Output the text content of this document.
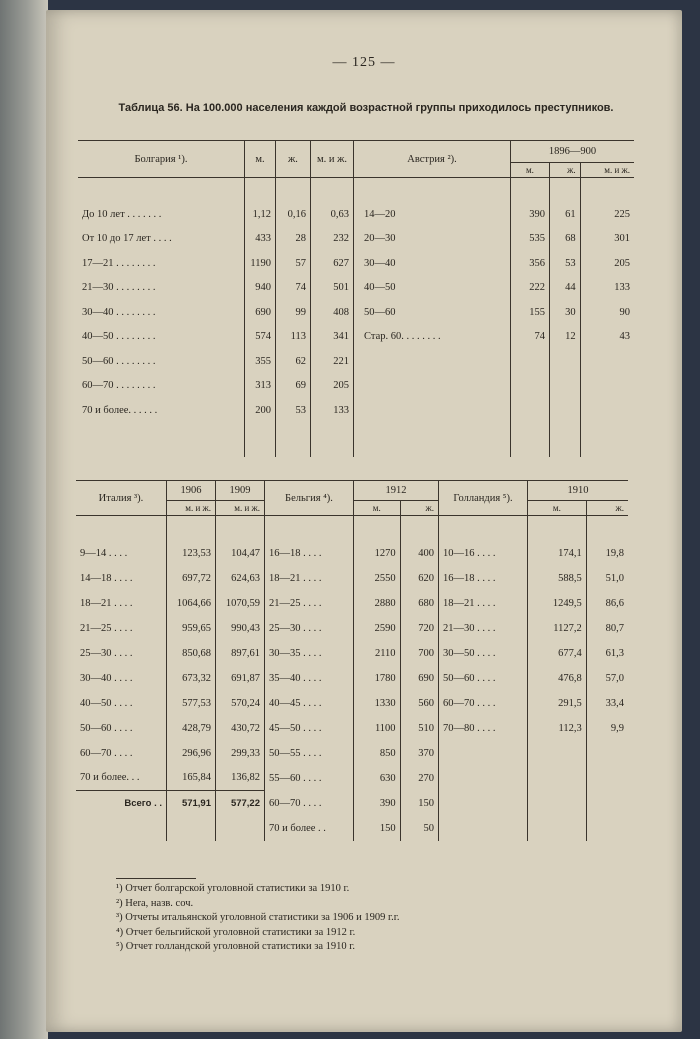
— 125 —
Таблица 56. На 100.000 населения каждой возрастной группы приходилось преступников.
Болгария ¹).	м.	ж.	м. и ж.	Австрия ²).	1896—900		
					м.	ж.	м. и ж.

До 10 лет . . . . . . .	1,12	0,16	0,63	14—20	390	61	225
От 10 до 17 лет . . . .	433	28	232	20—30	535	68	301
17—21 . . . . . . . .	1190	57	627	30—40	356	53	205
21—30 . . . . . . . .	940	74	501	40—50	222	44	133
30—40 . . . . . . . .	690	99	408	50—60	155	30	90
40—50 . . . . . . . .	574	113	341	Стар. 60. . . . . . . .	74	12	43
50—60 . . . . . . . .	355	62	221				
60—70 . . . . . . . .	313	69	205				
70 и более. . . . . .	200	53	133				

Италия ³).	1906	1909	Бельгия ⁴).	1912		Голландия ⁵).	1910	
	м. и ж.	м. и ж.		м.	ж.		м.	ж.

9—14 . . . .	123,53	104,47	16—18 . . . .	1270	400	10—16 . . . .	174,1	19,8
14—18 . . . .	697,72	624,63	18—21 . . . .	2550	620	16—18 . . . .	588,5	51,0
18—21 . . . .	1064,66	1070,59	21—25 . . . .	2880	680	18—21 . . . .	1249,5	86,6
21—25 . . . .	959,65	990,43	25—30 . . . .	2590	720	21—30 . . . .	1127,2	80,7
25—30 . . . .	850,68	897,61	30—35 . . . .	2110	700	30—50 . . . .	677,4	61,3
30—40 . . . .	673,32	691,87	35—40 . . . .	1780	690	50—60 . . . .	476,8	57,0
40—50 . . . .	577,53	570,24	40—45 . . . .	1330	560	60—70 . . . .	291,5	33,4
50—60 . . . .	428,79	430,72	45—50 . . . .	1100	510	70—80 . . . .	112,3	9,9
60—70 . . . .	296,96	299,33	50—55 . . . .	850	370			
70 и более. . .	165,84	136,82	55—60 . . . .	630	270			
Всего . .	571,91	577,22	60—70 . . . .	390	150			
			70 и более . .	150	50			
¹) Отчет болгарской уголовной статистики за 1910 г.
²) Hera, назв. соч.
³) Отчеты итальянской уголовной статистики за 1906 и 1909 г.г.
⁴) Отчет бельгийской уголовной статистики за 1912 г.
⁵) Отчет голландской уголовной статистики за 1910 г.
